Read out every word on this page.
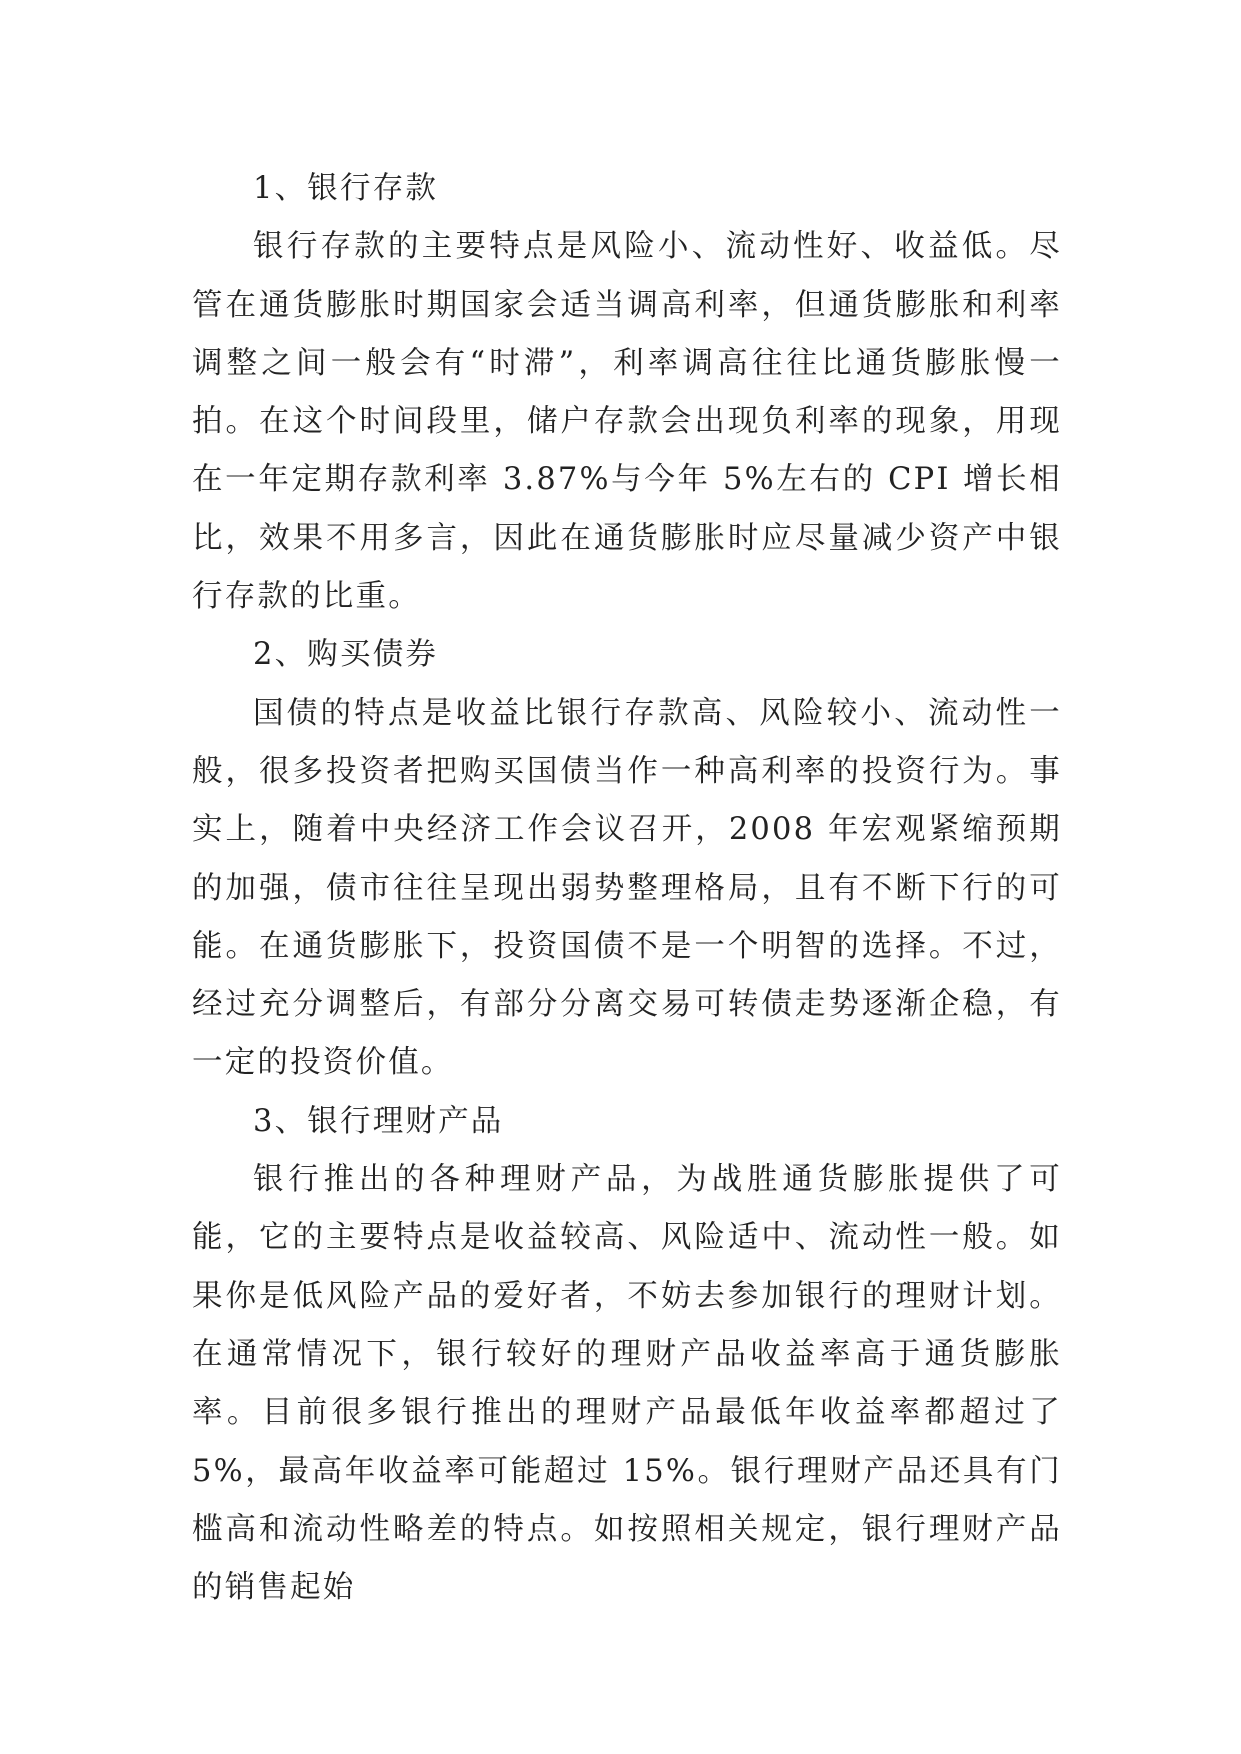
1、银行存款

银行存款的主要特点是风险小、流动性好、收益低。尽管在通货膨胀时期国家会适当调高利率，但通货膨胀和利率调整之间一般会有“时滞”，利率调高往往比通货膨胀慢一拍。在这个时间段里，储户存款会出现负利率的现象，用现在一年定期存款利率 3.87%与今年 5%左右的 CPI 增长相比，效果不用多言，因此在通货膨胀时应尽量减少资产中银行存款的比重。

2、购买债券

国债的特点是收益比银行存款高、风险较小、流动性一般，很多投资者把购买国债当作一种高利率的投资行为。事实上，随着中央经济工作会议召开，2008 年宏观紧缩预期的加强，债市往往呈现出弱势整理格局，且有不断下行的可能。在通货膨胀下，投资国债不是一个明智的选择。不过，经过充分调整后，有部分分离交易可转债走势逐渐企稳，有一定的投资价值。

3、银行理财产品

银行推出的各种理财产品，为战胜通货膨胀提供了可能，它的主要特点是收益较高、风险适中、流动性一般。如果你是低风险产品的爱好者，不妨去参加银行的理财计划。在通常情况下，银行较好的理财产品收益率高于通货膨胀率。目前很多银行推出的理财产品最低年收益率都超过了 5%，最高年收益率可能超过 15%。银行理财产品还具有门槛高和流动性略差的特点。如按照相关规定，银行理财产品的销售起始
